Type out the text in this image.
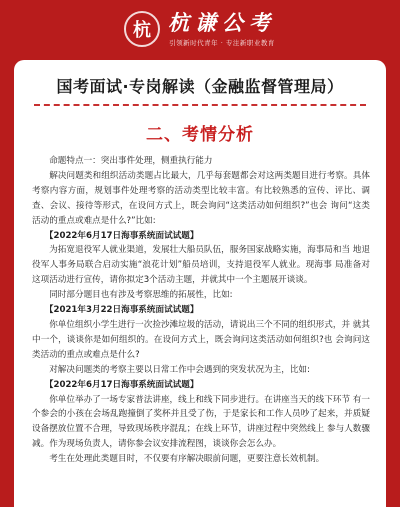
杭 杭谦公考
引领新时代青年 · 专注新职业教育
国考面试·专岗解读（金融监督管理局）
二、考情分析

命题特点一：突出事件处理，侧重执行能力

解决问题类和组织活动类题占比最大，几乎每套题都会对这两类题目进行考察。具体考察内容方面，规划事件处理考察的活动类型比较丰富。有比较熟悉的宣传、评比、调查、会议、接待等形式，在设问方式上，既会询问“这类活动如何组织?”也会 询问“这类活动的重点或难点是什么?”比如:

【2022年6月17日海事系统面试试题】

为拓宽退役军人就业渠道，发展壮大船员队伍，服务国家战略实施，海事局和当 地退役军人事务局联合启动实施“浪花计划”船员培训，支持退役军人就业。现海事 局准备对这项活动进行宣传，请你拟定3个活动主题，并就其中一个主题展开谈谈。

同时部分题目也有涉及考察思维的拓展性，比如:

【2021年3月22日海事系统面试试题】

你单位组织小学生进行一次捡沙滩垃圾的活动，请说出三个不同的组织形式，并 就其中一个，谈谈你是如何组织的。在设问方式上，既会询问这类活动如何组织?也 会询问这类活动的重点或难点是什么?

对解决问题类的考察主要以日常工作中会遇到的突发状况为主，比如:

【2022年6月17日海事系统面试试题】

你单位举办了一场专家普法讲座，线上和线下同步进行。在讲座当天的线下环节 有一个参会的小孩在会场乱跑撞倒了奖杯并且受了伤，于是家长和工作人员吵了起来，并质疑设备摆放位置不合理，导致现场秩序混乱；在线上环节，讲座过程中突然线上 参与人数骤减。作为现场负责人，请你参会议安排流程图，谈谈你会怎么办。

考生在处理此类题目时，不仅要有序解决眼前问题，更要注意长效机制。
